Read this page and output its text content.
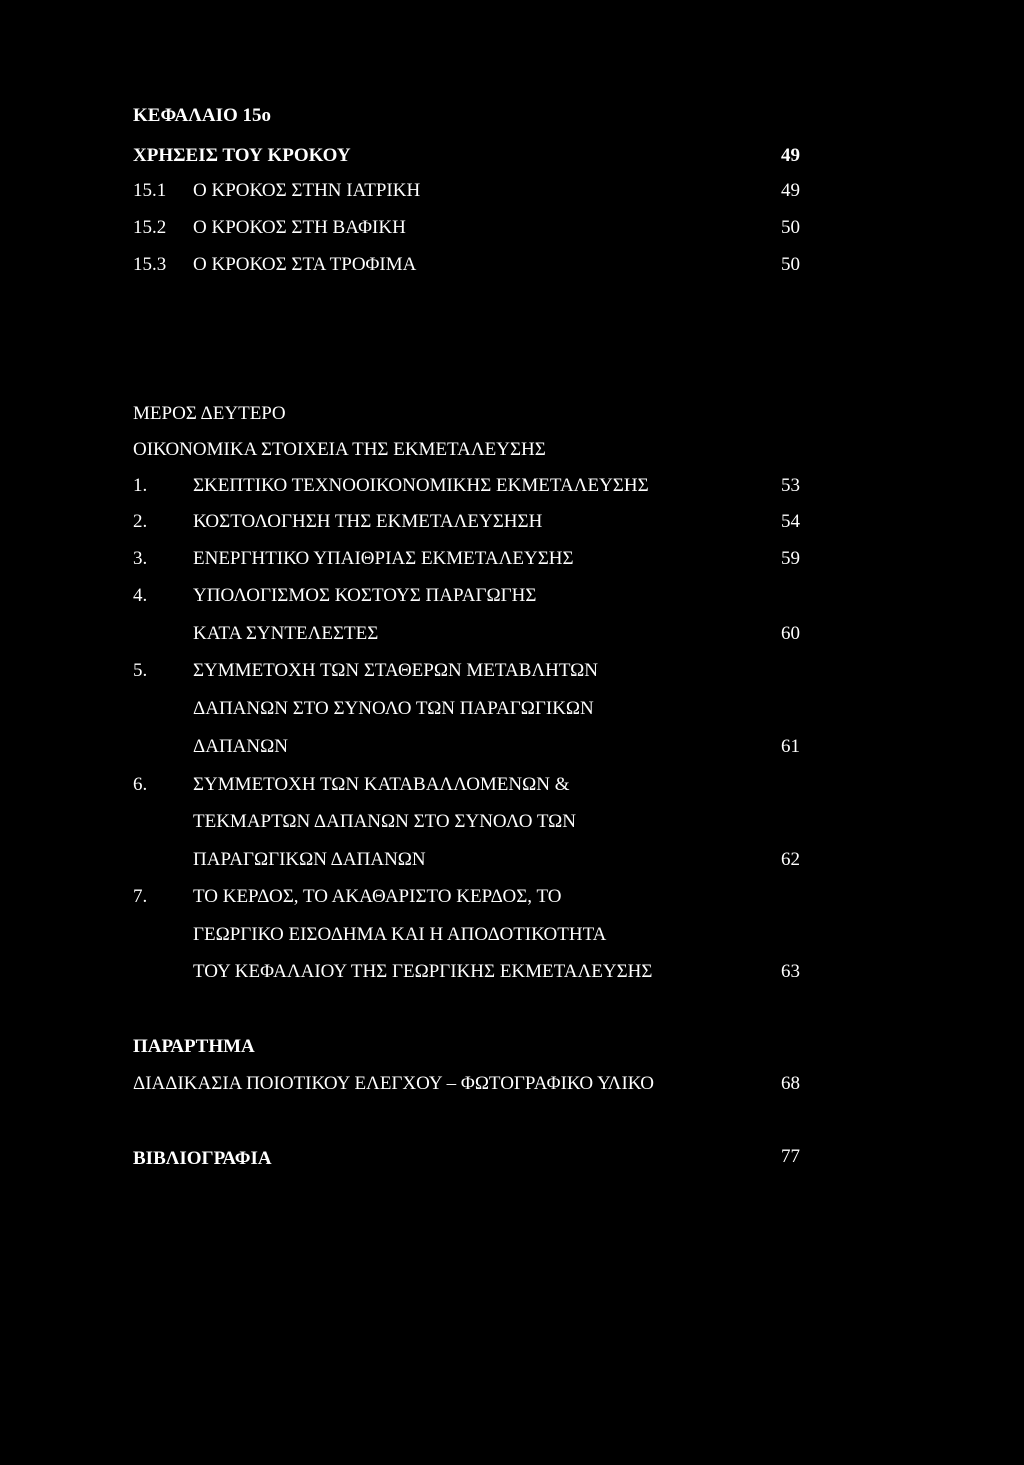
ΚΕΦΑΛΑΙΟ 15ο
ΧΡΗΣΕΙΣ ΤΟΥ ΚΡΟΚΟΥ	49
15.1 Ο ΚΡΟΚΟΣ ΣΤΗΝ ΙΑΤΡΙΚΗ	49
15.2 Ο ΚΡΟΚΟΣ ΣΤΗ ΒΑΦΙΚΗ	50
15.3 Ο ΚΡΟΚΟΣ ΣΤΑ ΤΡΟΦΙΜΑ	50
ΜΕΡΟΣ ΔΕΥΤΕΡΟ
ΟΙΚΟΝΟΜΙΚΑ ΣΤΟΙΧΕΙΑ ΤΗΣ ΕΚΜΕΤΑΛΕΥΣΗΣ
1. ΣΚΕΠΤΙΚΟ ΤΕΧΝΟΟΙΚΟΝΟΜΙΚΗΣ ΕΚΜΕΤΑΛΕΥΣΗΣ	53
2. ΚΟΣΤΟΛΟΓΗΣΗ ΤΗΣ ΕΚΜΕΤΑΛΕΥΣΗΣΗ	54
3. ΕΝΕΡΓΗΤΙΚΟ ΥΠΑΙΘΡΙΑΣ ΕΚΜΕΤΑΛΕΥΣΗΣ	59
4. ΥΠΟΛΟΓΙΣΜΟΣ ΚΟΣΤΟΥΣ ΠΑΡΑΓΩΓΗΣ
ΚΑΤΑ ΣΥΝΤΕΛΕΣΤΕΣ	60
5. ΣΥΜΜΕΤΟΧΗ ΤΩΝ ΣΤΑΘΕΡΩΝ ΜΕΤΑΒΛΗΤΩΝ
ΔΑΠΑΝΩΝ ΣΤΟ ΣΥΝΟΛΟ ΤΩΝ ΠΑΡΑΓΩΓΙΚΩΝ
ΔΑΠΑΝΩΝ	61
6. ΣΥΜΜΕΤΟΧΗ ΤΩΝ ΚΑΤΑΒΑΛΛΟΜΕΝΩΝ &
ΤΕΚΜΑΡΤΩΝ ΔΑΠΑΝΩΝ ΣΤΟ ΣΥΝΟΛΟ ΤΩΝ
ΠΑΡΑΓΩΓΙΚΩΝ ΔΑΠΑΝΩΝ	62
7. ΤΟ ΚΕΡΔΟΣ, ΤΟ ΑΚΑΘΑΡΙΣΤΟ ΚΕΡΔΟΣ, ΤΟ
ΓΕΩΡΓΙΚΟ ΕΙΣΟΔΗΜΑ ΚΑΙ Η ΑΠΟΔΟΤΙΚΟΤΗΤΑ
ΤΟΥ ΚΕΦΑΛΑΙΟΥ ΤΗΣ ΓΕΩΡΓΙΚΗΣ ΕΚΜΕΤΑΛΕΥΣΗΣ	63
ΠΑΡΑΡΤΗΜΑ
ΔΙΑΔΙΚΑΣΙΑ ΠΟΙΟΤΙΚΟΥ ΕΛΕΓΧΟΥ – ΦΩΤΟΓΡΑΦΙΚΟ ΥΛΙΚΟ	68
ΒΙΒΛΙΟΓΡΑΦΙΑ	77
